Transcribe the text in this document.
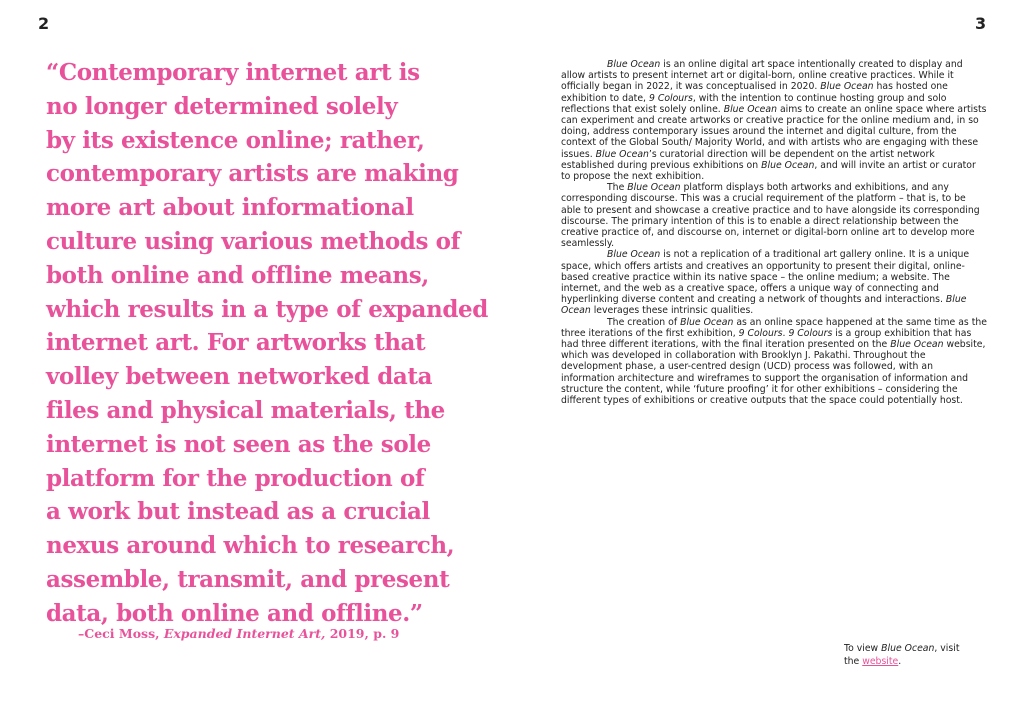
2	3
“Contemporary internet art is
no longer determined solely
by its existence online; rather,
contemporary artists are making
more art about informational
culture using various methods of
both online and offline means,
which results in a type of expanded
internet art. For artworks that
volley between networked data
files and physical materials, the
internet is not seen as the sole
platform for the production of
a work but instead as a crucial
nexus around which to research,
assemble, transmit, and present
data, both online and offline.”
–Ceci Moss, Expanded Internet Art, 2019, p. 9

Blue Ocean is an online digital art space intentionally created to display and allow artists to present internet art or digital-born, online creative practices. While it officially began in 2022, it was conceptualised in 2020. Blue Ocean has hosted one exhibition to date, 9 Colours, with the intention to continue hosting group and solo reflections that exist solely online. Blue Ocean aims to create an online space where artists can experiment and create artworks or creative practice for the online medium and, in so doing, address contemporary issues around the internet and digital culture, from the context of the Global South/ Majority World, and with artists who are engaging with these issues. Blue Ocean’s curatorial direction will be dependent on the artist network established during previous exhibitions on Blue Ocean, and will invite an artist or curator to propose the next exhibition.

The Blue Ocean platform displays both artworks and exhibitions, and any corresponding discourse. This was a crucial requirement of the platform – that is, to be able to present and showcase a creative practice and to have alongside its corresponding discourse. The primary intention of this is to enable a direct relationship between the creative practice of, and discourse on, internet or digital-born online art to develop more seamlessly.

Blue Ocean is not a replication of a traditional art gallery online. It is a unique space, which offers artists and creatives an opportunity to present their digital, online-based creative practice within its native space – the online medium; a website. The internet, and the web as a creative space, offers a unique way of connecting and hyperlinking diverse content and creating a network of thoughts and interactions. Blue Ocean leverages these intrinsic qualities.

The creation of Blue Ocean as an online space happened at the same time as the three iterations of the first exhibition, 9 Colours. 9 Colours is a group exhibition that has had three different iterations, with the final iteration presented on the Blue Ocean website, which was developed in collaboration with Brooklyn J. Pakathi. Throughout the development phase, a user-centred design (UCD) process was followed, with an information architecture and wireframes to support the organisation of information and structure the content, while ‘future proofing’ it for other exhibitions – considering the different types of exhibitions or creative outputs that the space could potentially host.

To view Blue Ocean, visit
the website.
